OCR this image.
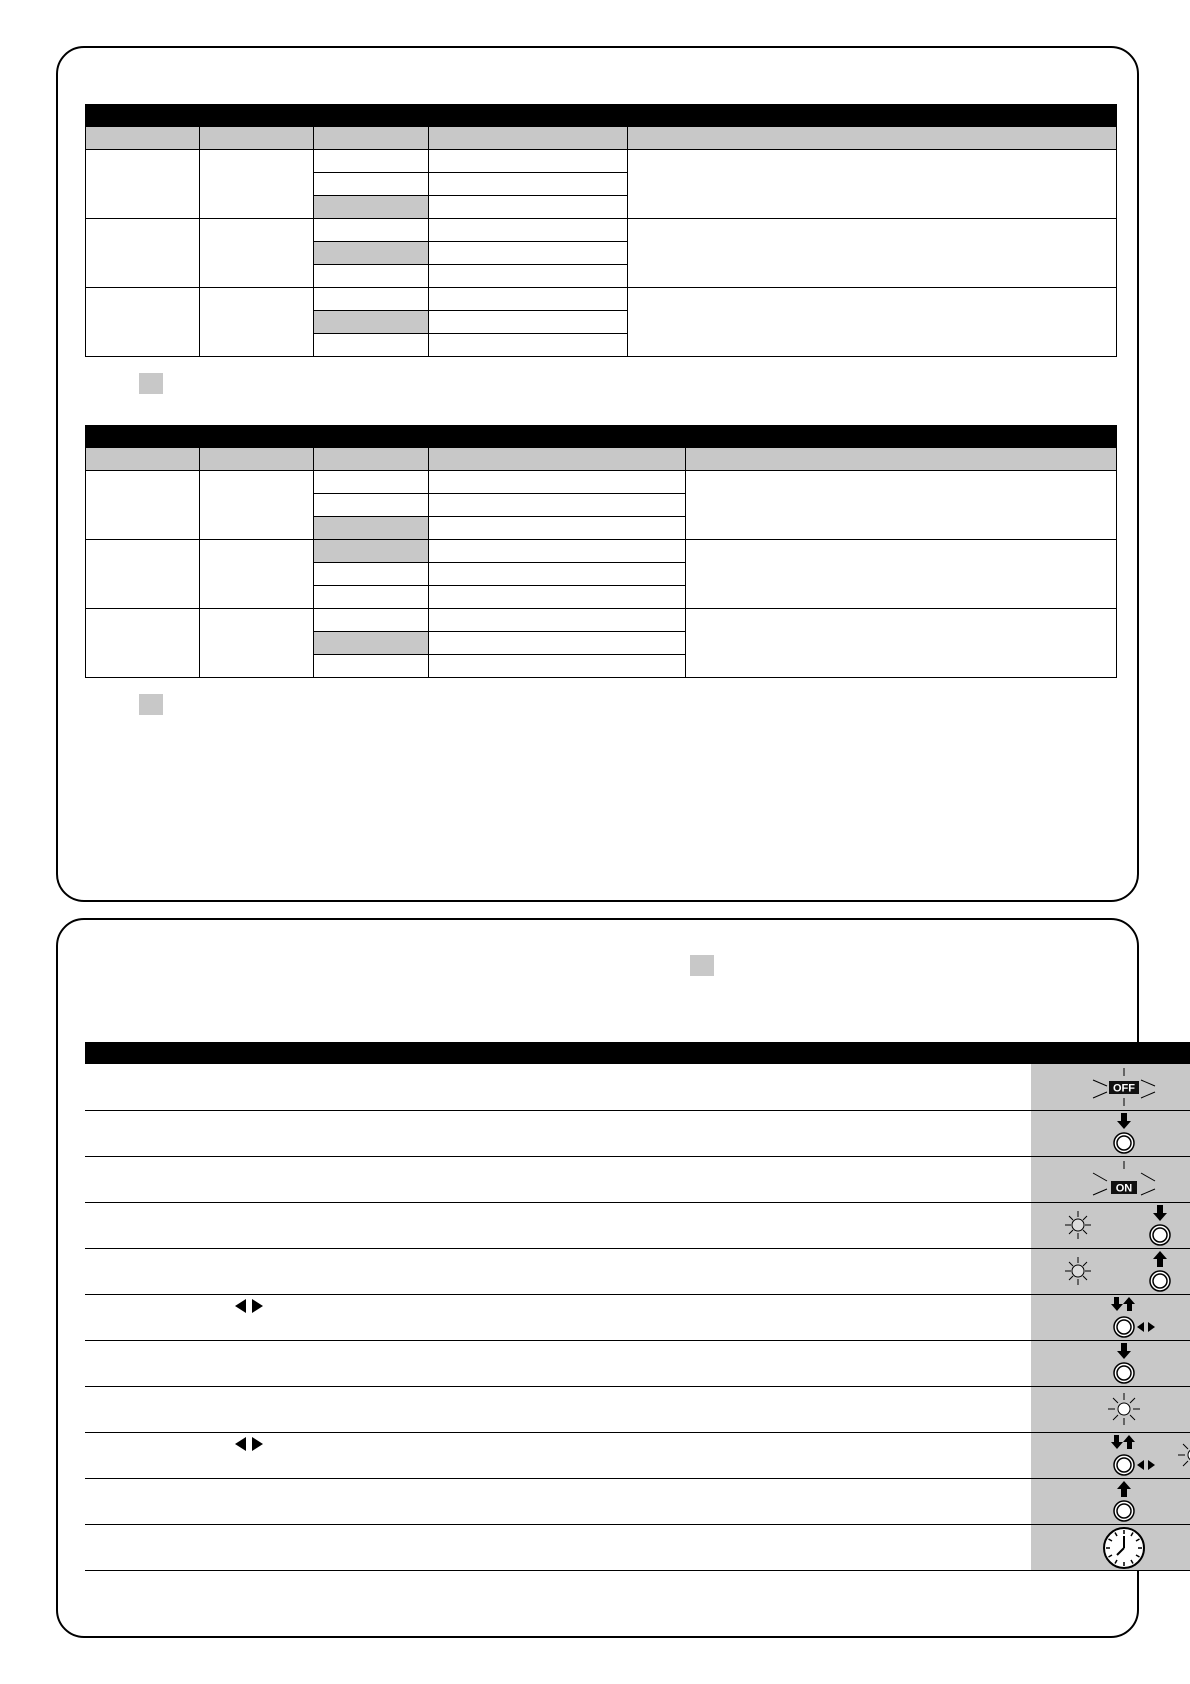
OFF

ON
